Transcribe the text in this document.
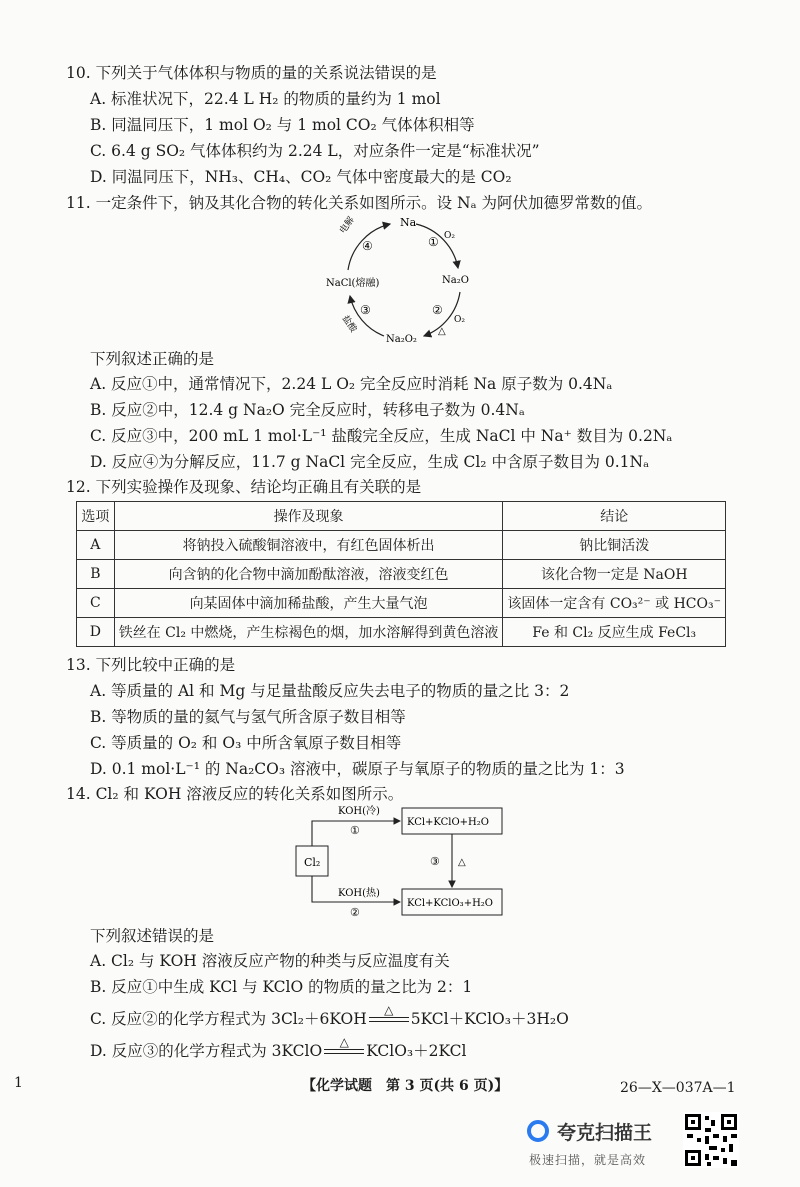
10. 下列关于气体体积与物质的量的关系说法错误的是
A. 标准状况下，22.4 L H₂ 的物质的量约为 1 mol
B. 同温同压下，1 mol O₂ 与 1 mol CO₂ 气体体积相等
C. 6.4 g SO₂ 气体体积约为 2.24 L，对应条件一定是“标准状况”
D. 同温同压下，NH₃、CH₄、CO₂ 气体中密度最大的是 CO₂
11. 一定条件下，钠及其化合物的转化关系如图所示。设 Nₐ 为阿伏加德罗常数的值。
Na
Na₂O
Na₂O₂
NaCl(熔融)
① O₂
②
O₂
△
③
④
电解
盐酸
下列叙述正确的是
A. 反应①中，通常情况下，2.24 L O₂ 完全反应时消耗 Na 原子数为 0.4Nₐ
B. 反应②中，12.4 g Na₂O 完全反应时，转移电子数为 0.4Nₐ
C. 反应③中，200 mL 1 mol·L⁻¹ 盐酸完全反应，生成 NaCl 中 Na⁺ 数目为 0.2Nₐ
D. 反应④为分解反应，11.7 g NaCl 完全反应，生成 Cl₂ 中含原子数目为 0.1Nₐ
12. 下列实验操作及现象、结论均正确且有关联的是
选项	操作及现象	结论
A	将钠投入硫酸铜溶液中，有红色固体析出	钠比铜活泼
B	向含钠的化合物中滴加酚酞溶液，溶液变红色	该化合物一定是 NaOH
C	向某固体中滴加稀盐酸，产生大量气泡	该固体一定含有 CO₃²⁻ 或 HCO₃⁻
D	铁丝在 Cl₂ 中燃烧，产生棕褐色的烟，加水溶解得到黄色溶液	Fe 和 Cl₂ 反应生成 FeCl₃
13. 下列比较中正确的是
A. 等质量的 Al 和 Mg 与足量盐酸反应失去电子的物质的量之比 3：2
B. 等物质的量的氦气与氢气所含原子数目相等
C. 等质量的 O₂ 和 O₃ 中所含氧原子数目相等
D. 0.1 mol·L⁻¹ 的 Na₂CO₃ 溶液中，碳原子与氧原子的物质的量之比为 1：3
14. Cl₂ 和 KOH 溶液反应的转化关系如图所示。
Cl₂
KCl+KClO+H₂O
KCl+KClO₃+H₂O
KOH(冷)
①
KOH(热)
②
③ △
下列叙述错误的是
A. Cl₂ 与 KOH 溶液反应产物的种类与反应温度有关
B. 反应①中生成 KCl 与 KClO 的物质的量之比为 2：1
C. 反应②的化学方程式为 3Cl₂＋6KOH	△	5KCl＋KClO₃＋3H₂O
D. 反应③的化学方程式为 3KClO	△	KClO₃＋2KCl
1	【化学试题　第 3 页(共 6 页)】	26—X—037A—1
夸克扫描王
极速扫描，就是高效
